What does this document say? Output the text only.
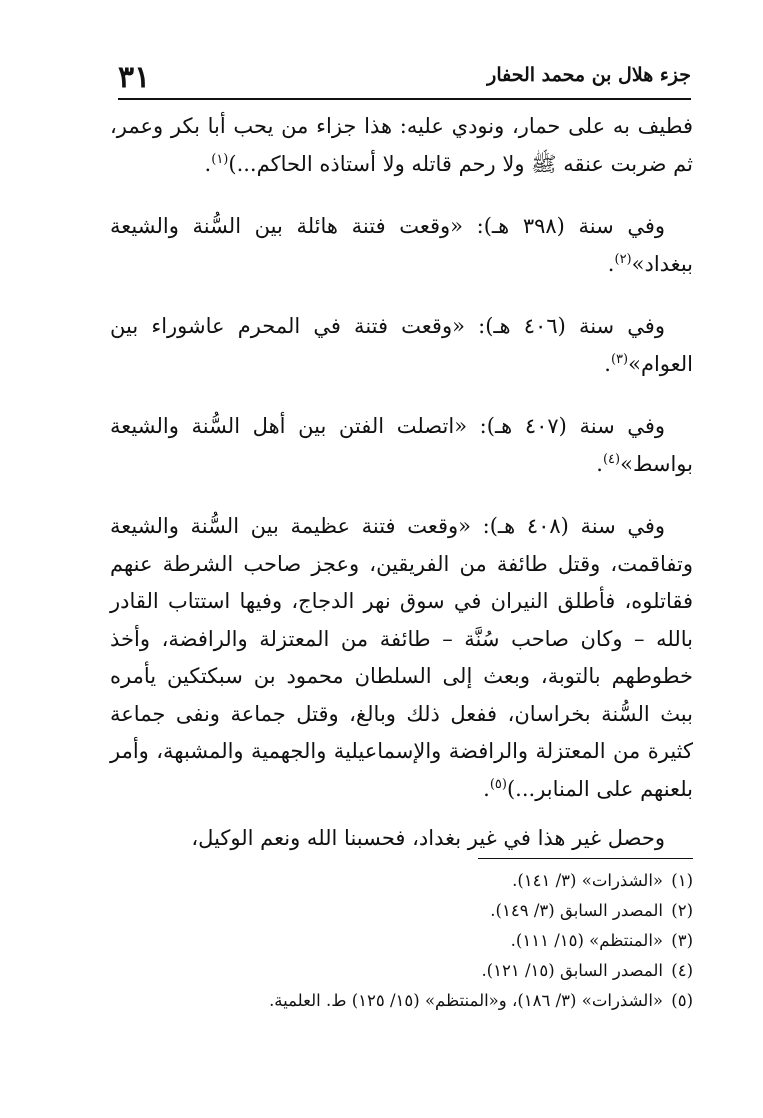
جزء هلال بن محمد الحفار
٣١

فطيف به على حمار، ونودي عليه: هذا جزاء من يحب أبا بكر وعمر، ثم ضربت عنقه ﷺ ولا رحم قاتله ولا أستاذه الحاكم...)$^{(١)}$.

وفي سنة (٣٩٨ هـ): «وقعت فتنة هائلة بين السُّنة والشيعة ببغداد»$^{(٢)}$.

وفي سنة (٤٠٦ هـ): «وقعت فتنة في المحرم عاشوراء بين العوام»$^{(٣)}$.

وفي سنة (٤٠٧ هـ): «اتصلت الفتن بين أهل السُّنة والشيعة بواسط»$^{(٤)}$.

وفي سنة (٤٠٨ هـ): «وقعت فتنة عظيمة بين السُّنة والشيعة وتفاقمت، وقتل طائفة من الفريقين، وعجز صاحب الشرطة عنهم فقاتلوه، فأطلق النيران في سوق نهر الدجاج، وفيها استتاب القادر بالله – وكان صاحب سُنَّة – طائفة من المعتزلة والرافضة، وأخذ خطوطهم بالتوبة، وبعث إلى السلطان محمود بن سبكتكين يأمره ببث السُّنة بخراسان، ففعل ذلك وبالغ، وقتل جماعة ونفى جماعة كثيرة من المعتزلة والرافضة والإسماعيلية والجهمية والمشبهة، وأمر بلعنهم على المنابر...)$^{(٥)}$.

وحصل غير هذا في غير بغداد، فحسبنا الله ونعم الوكيل،

(١)«الشذرات» (٣/ ١٤١).

(٢)المصدر السابق (٣/ ١٤٩).

(٣)«المنتظم» (١٥/ ١١١).

(٤)المصدر السابق (١٥/ ١٢١).

(٥)«الشذرات» (٣/ ١٨٦)، و«المنتظم» (١٥/ ١٢٥) ط. العلمية.
